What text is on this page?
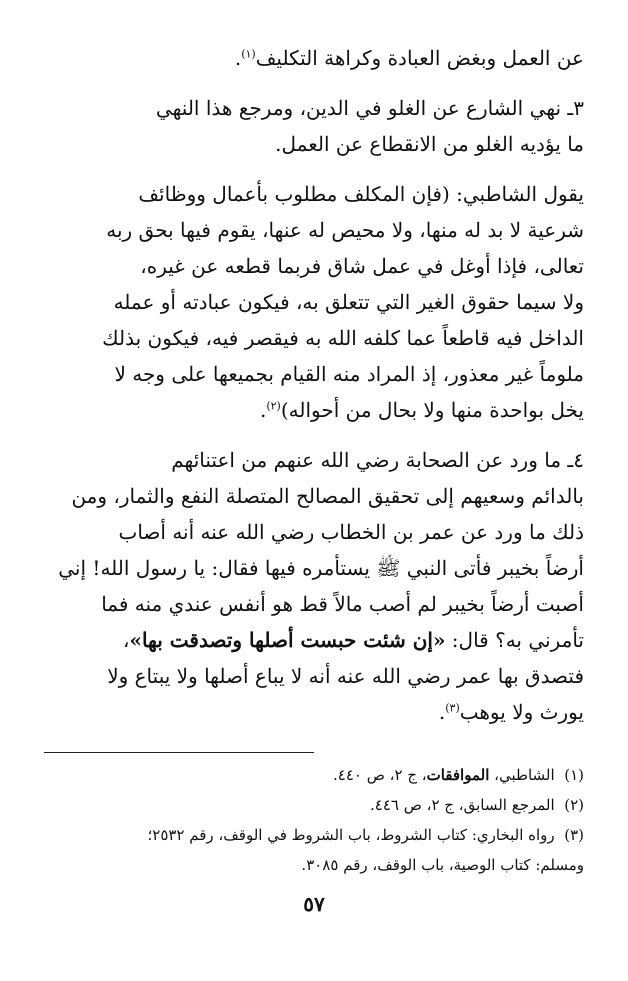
عن العمل وبغض العبادة وكراهة التكليف$^{(١)}$.
٣ـ نهي الشارع عن الغلو في الدين، ومرجع هذا النهي
ما يؤديه الغلو من الانقطاع عن العمل.
يقول الشاطبي: (فإن المكلف مطلوب بأعمال ووظائف
شرعية لا بد له منها، ولا محيص له عنها، يقوم فيها بحق ربه
تعالى، فإذا أوغل في عمل شاق فربما قطعه عن غيره،
ولا سيما حقوق الغير التي تتعلق به، فيكون عبادته أو عمله
الداخل فيه قاطعاً عما كلفه الله به فيقصر فيه، فيكون بذلك
ملوماً غير معذور، إذ المراد منه القيام بجميعها على وجه لا
يخل بواحدة منها ولا بحال من أحواله)$^{(٢)}$.
٤ـ ما ورد عن الصحابة رضي الله عنهم من اعتنائهم
بالدائم وسعيهم إلى تحقيق المصالح المتصلة النفع والثمار، ومن
ذلك ما ورد عن عمر بن الخطاب رضي الله عنه أنه أصاب
أرضاً بخيبر فأتى النبي ﷺ يستأمره فيها فقال: يا رسول الله! إني
أصبت أرضاً بخيبر لم أصب مالاً قط هو أنفس عندي منه فما
تأمرني به؟ قال: «إن شئت حبست أصلها وتصدقت بها»،
فتصدق بها عمر رضي الله عنه أنه لا يباع أصلها ولا يبتاع ولا
يورث ولا يوهب$^{(٣)}$.
(١)  الشاطبي، الموافقات، ج ٢، ص ٤٤٠.
(٢)  المرجع السابق، ج ٢، ص ٤٤٦.
(٣)  رواه البخاري: كتاب الشروط، باب الشروط في الوقف، رقم ٢٥٣٢؛
ومسلم: كتاب الوصية، باب الوقف، رقم ٣٠٨٥.
٥٧
